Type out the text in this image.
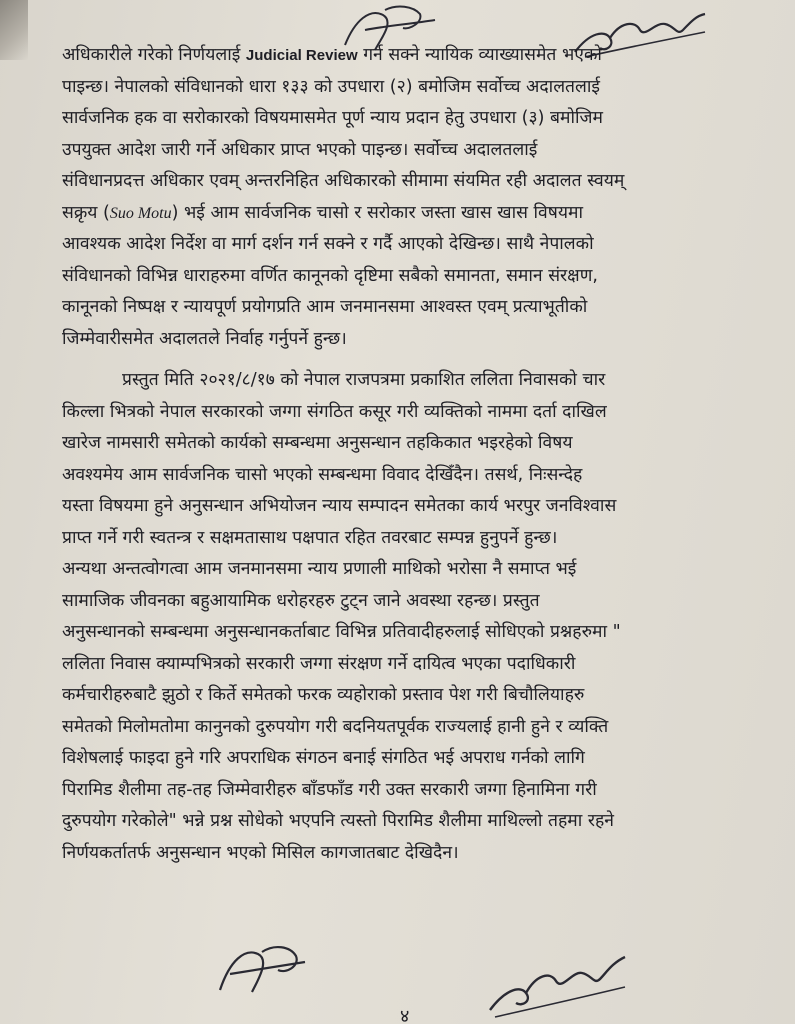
अधिकारीले गरेको निर्णयलाई Judicial Review गर्न सक्ने न्यायिक व्याख्यासमेत भएको
पाइन्छ। नेपालको संविधानको धारा १३३ को उपधारा (२) बमोजिम सर्वोच्च अदालतलाई
सार्वजनिक हक वा सरोकारको विषयमासमेत पूर्ण न्याय प्रदान हेतु उपधारा (३) बमोजिम
उपयुक्त आदेश जारी गर्ने अधिकार प्राप्त भएको पाइन्छ। सर्वोच्च अदालतलाई
संविधानप्रदत्त अधिकार एवम् अन्तरनिहित अधिकारको सीमामा संयमित रही अदालत स्वयम्
सक्रृय (Suo Motu) भई आम सार्वजनिक चासो र सरोकार जस्ता खास खास विषयमा
आवश्यक आदेश निर्देश वा मार्ग दर्शन गर्न सक्ने र गर्दै आएको देखिन्छ। साथै नेपालको
संविधानको विभिन्न धाराहरुमा वर्णित कानूनको दृष्टिमा सबैको समानता, समान संरक्षण,
कानूनको निष्पक्ष र न्यायपूर्ण प्रयोगप्रति आम जनमानसमा आश्वस्त एवम् प्रत्याभूतीको
जिम्मेवारीसमेत अदालतले निर्वाह गर्नुपर्ने हुन्छ।
प्रस्तुत मिति २०२१/८/१७ को नेपाल राजपत्रमा प्रकाशित ललिता निवासको चार
किल्ला भित्रको नेपाल सरकारको जग्गा संगठित कसूर गरी व्यक्तिको नाममा दर्ता दाखिल
खारेज नामसारी समेतको कार्यको सम्बन्धमा अनुसन्धान तहकिकात भइरहेको विषय
अवश्यमेय आम सार्वजनिक चासो भएको सम्बन्धमा विवाद देखिँदैन। तसर्थ, निःसन्देह
यस्ता विषयमा हुने अनुसन्धान अभियोजन न्याय सम्पादन समेतका कार्य भरपुर जनविश्वास
प्राप्त गर्ने गरी स्वतन्त्र र सक्षमतासाथ पक्षपात रहित तवरबाट सम्पन्न हुनुपर्ने हुन्छ।
अन्यथा अन्तत्वोगत्वा आम जनमानसमा न्याय प्रणाली माथिको भरोसा नै समाप्त भई
सामाजिक जीवनका बहुआयामिक धरोहरहरु टुट्न जाने अवस्था रहन्छ। प्रस्तुत
अनुसन्धानको सम्बन्धमा अनुसन्धानकर्ताबाट विभिन्न प्रतिवादीहरुलाई सोधिएको प्रश्नहरुमा "
ललिता निवास क्याम्पभित्रको सरकारी जग्गा संरक्षण गर्ने दायित्व भएका पदाधिकारी
कर्मचारीहरुबाटै झुठो र किर्ते समेतको फरक व्यहोराको प्रस्ताव पेश गरी बिचौलियाहरु
समेतको मिलोमतोमा कानुनको दुरुपयोग गरी बदनियतपूर्वक राज्यलाई हानी हुने र व्यक्ति
विशेषलाई फाइदा हुने गरि अपराधिक संगठन बनाई संगठित भई अपराध गर्नको लागि
पिरामिड शैलीमा तह-तह जिम्मेवारीहरु बाँडफाँड गरी उक्त सरकारी जग्गा हिनामिना गरी
दुरुपयोग गरेकोले" भन्ने प्रश्न सोधेको भएपनि त्यस्तो पिरामिड शैलीमा माथिल्लो तहमा रहने
निर्णयकर्तातर्फ अनुसन्धान भएको मिसिल कागजातबाट देखिदैन।
४
